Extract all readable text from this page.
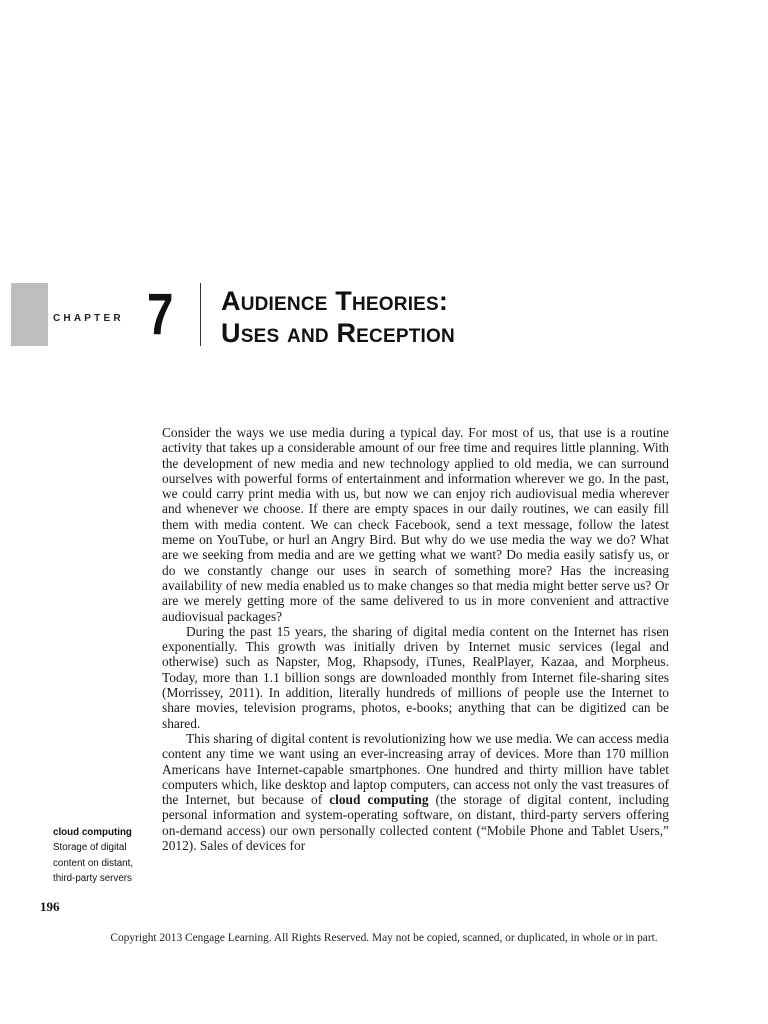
CHAPTER 7 Audience Theories:
Uses and Reception

Consider the ways we use media during a typical day. For most of us, that use is a routine activity that takes up a considerable amount of our free time and requires little planning. With the development of new media and new technology applied to old media, we can surround ourselves with powerful forms of entertainment and information wherever we go. In the past, we could carry print media with us, but now we can enjoy rich audiovisual media wherever and whenever we choose. If there are empty spaces in our daily routines, we can easily fill them with media content. We can check Facebook, send a text message, follow the latest meme on YouTube, or hurl an Angry Bird. But why do we use media the way we do? What are we seeking from media and are we getting what we want? Do media easily satisfy us, or do we constantly change our uses in search of something more? Has the increasing availability of new media enabled us to make changes so that media might better serve us? Or are we merely getting more of the same delivered to us in more convenient and attractive audiovisual packages?

During the past 15 years, the sharing of digital media content on the Internet has risen exponentially. This growth was initially driven by Internet music services (legal and otherwise) such as Napster, Mog, Rhapsody, iTunes, RealPlayer, Kazaa, and Morpheus. Today, more than 1.1 billion songs are downloaded monthly from Internet file-sharing sites (Morrissey, 2011). In addition, literally hundreds of millions of people use the Internet to share movies, television programs, photos, e-books; anything that can be digitized can be shared.

This sharing of digital content is revolutionizing how we use media. We can access media content any time we want using an ever-increasing array of devices. More than 170 million Americans have Internet-capable smartphones. One hundred and thirty million have tablet computers which, like desktop and laptop computers, can access not only the vast treasures of the Internet, but because of cloud computing (the storage of digital content, including personal information and system-operating software, on distant, third-party servers offering on-demand access) our own personally collected content (“Mobile Phone and Tablet Users,” 2012). Sales of devices for

cloud computing
Storage of digital
content on distant,
third-party servers
196
Copyright 2013 Cengage Learning. All Rights Reserved. May not be copied, scanned, or duplicated, in whole or in part.
